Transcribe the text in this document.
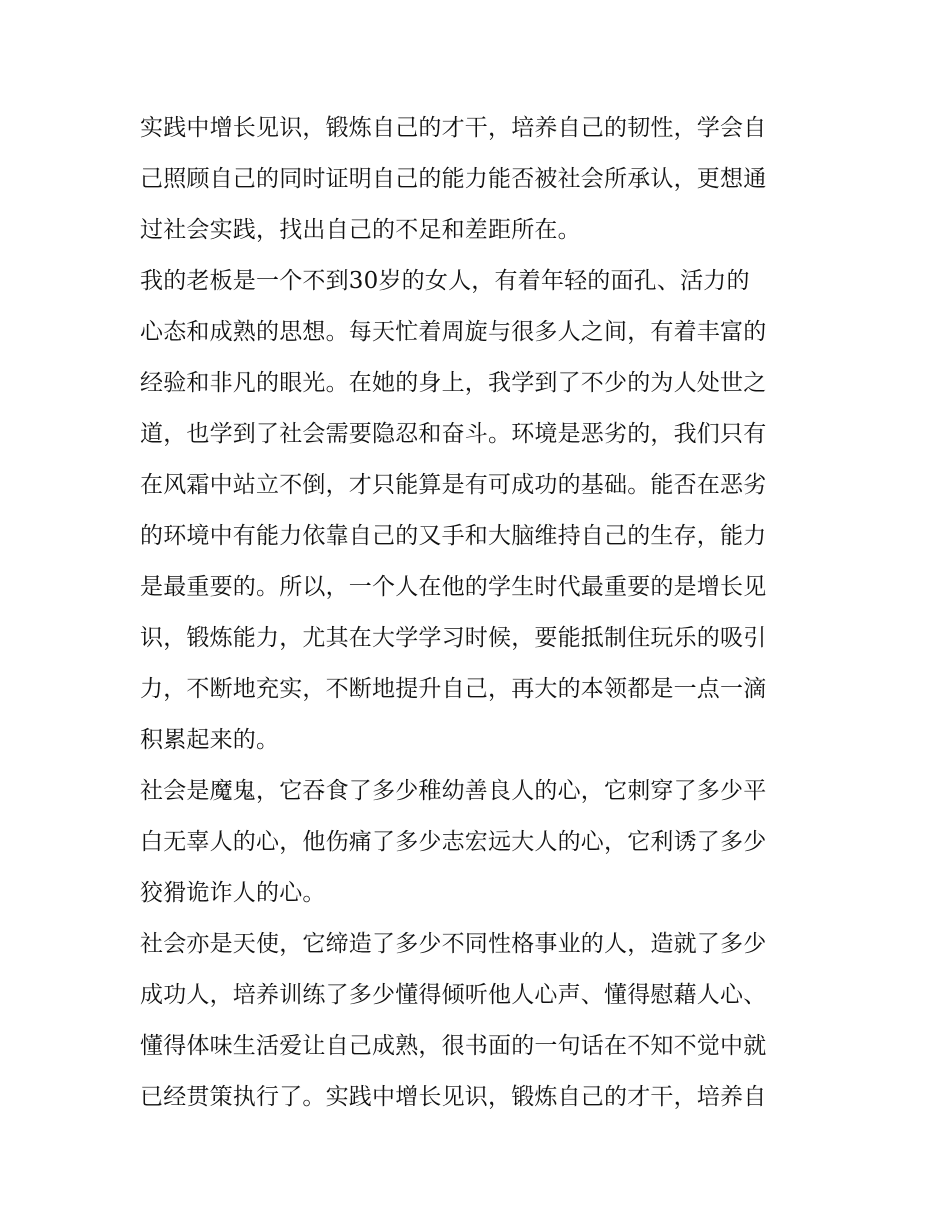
实践中增长见识，锻炼自己的才干，培养自己的韧性，学会自
己照顾自己的同时证明自己的能力能否被社会所承认，更想通
过社会实践，找出自己的不足和差距所在。
我的老板是一个不到30岁的女人，有着年轻的面孔、活力的
心态和成熟的思想。每天忙着周旋与很多人之间，有着丰富的
经验和非凡的眼光。在她的身上，我学到了不少的为人处世之
道，也学到了社会需要隐忍和奋斗。环境是恶劣的，我们只有
在风霜中站立不倒，才只能算是有可成功的基础。能否在恶劣
的环境中有能力依靠自己的又手和大脑维持自己的生存，能力
是最重要的。所以，一个人在他的学生时代最重要的是增长见
识，锻炼能力，尤其在大学学习时候，要能抵制住玩乐的吸引
力，不断地充实，不断地提升自己，再大的本领都是一点一滴
积累起来的。
社会是魔鬼，它吞食了多少稚幼善良人的心，它刺穿了多少平
白无辜人的心，他伤痛了多少志宏远大人的心，它利诱了多少
狡猾诡诈人的心。
社会亦是天使，它缔造了多少不同性格事业的人，造就了多少
成功人，培养训练了多少懂得倾听他人心声、懂得慰藉人心、
懂得体味生活爱让自己成熟，很书面的一句话在不知不觉中就
已经贯策执行了。实践中增长见识，锻炼自己的才干，培养自
